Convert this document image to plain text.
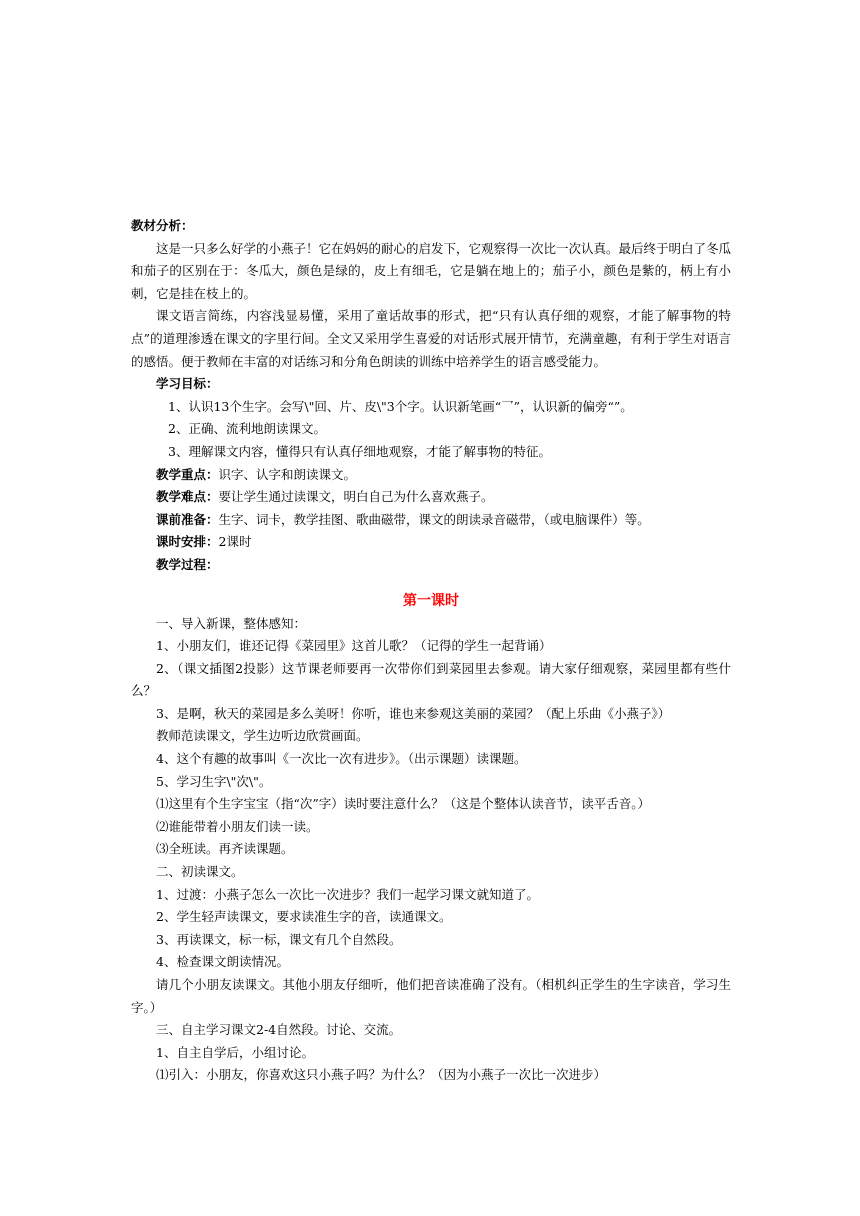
教材分析：

这是一只多么好学的小燕子！它在妈妈的耐心的启发下，它观察得一次比一次认真。最后终于明白了冬瓜和茄子的区别在于：冬瓜大，颜色是绿的，皮上有细毛，它是躺在地上的；茄子小，颜色是紫的，柄上有小刺，它是挂在枝上的。

课文语言简练，内容浅显易懂，采用了童话故事的形式，把“只有认真仔细的观察，才能了解事物的特点”的道理渗透在课文的字里行间。全文又采用学生喜爱的对话形式展开情节，充满童趣，有利于学生对语言的感悟。便于教师在丰富的对话练习和分角色朗读的训练中培养学生的语言感受能力。

学习目标：

1、认识13个生字。会写\"回、片、皮\"3个字。认识新笔画“乛”，认识新的偏旁“”。

2、正确、流利地朗读课文。

3、理解课文内容，懂得只有认真仔细地观察，才能了解事物的特征。

教学重点：识字、认字和朗读课文。

教学难点：要让学生通过读课文，明白自己为什么喜欢燕子。

课前准备：生字、词卡，教学挂图、歌曲磁带，课文的朗读录音磁带，（或电脑课件）等。

课时安排：2课时

教学过程：

第一课时

一、导入新课，整体感知：

1、小朋友们，谁还记得《菜园里》这首儿歌？（记得的学生一起背诵）

2、（课文插图2投影）这节课老师要再一次带你们到菜园里去参观。请大家仔细观察，菜园里都有些什么？

3、是啊，秋天的菜园是多么美呀！你听，谁也来参观这美丽的菜园？（配上乐曲《小燕子》）

教师范读课文，学生边听边欣赏画面。

4、这个有趣的故事叫《一次比一次有进步》。（出示课题）读课题。

5、学习生字\"次\"。

⑴这里有个生字宝宝（指“次”字）读时要注意什么？（这是个整体认读音节，读平舌音。）

⑵谁能带着小朋友们读一读。

⑶全班读。再齐读课题。

二、初读课文。

1、过渡：小燕子怎么一次比一次进步？我们一起学习课文就知道了。

2、学生轻声读课文，要求读准生字的音，读通课文。

3、再读课文，标一标，课文有几个自然段。

4、检查课文朗读情况。

请几个小朋友读课文。其他小朋友仔细听，他们把音读准确了没有。（相机纠正学生的生字读音，学习生字。）

三、自主学习课文2-4自然段。讨论、交流。

1、自主自学后，小组讨论。

⑴引入：小朋友，你喜欢这只小燕子吗？为什么？（因为小燕子一次比一次进步）
